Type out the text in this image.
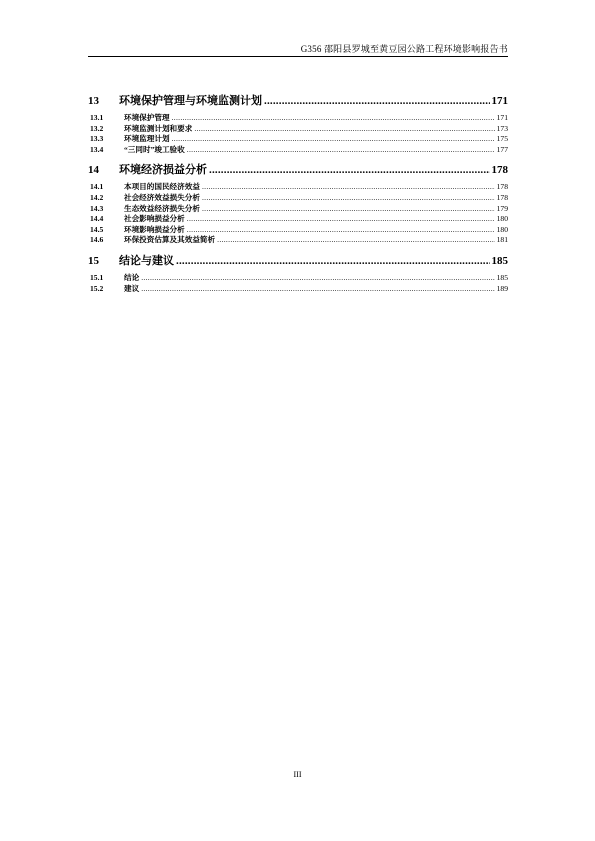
G356 邵阳县罗城至黄豆园公路工程环境影响报告书
13	环境保护管理与环境监测计划 .....	171
13.1	环境保护管理 .....	171
13.2	环境监测计划和要求 .....	173
13.3	环境监理计划 .....	175
13.4	“三同时”竣工验收 .....	177
14	环境经济损益分析 .....	178
14.1	本项目的国民经济效益 .....	178
14.2	社会经济效益损失分析 .....	178
14.3	生态效益经济损失分析 .....	179
14.4	社会影响损益分析 .....	180
14.5	环境影响损益分析 .....	180
14.6	环保投资估算及其效益简析 .....	181
15	结论与建议 .....	185
15.1	结论 .....	185
15.2	建议 .....	189
III
